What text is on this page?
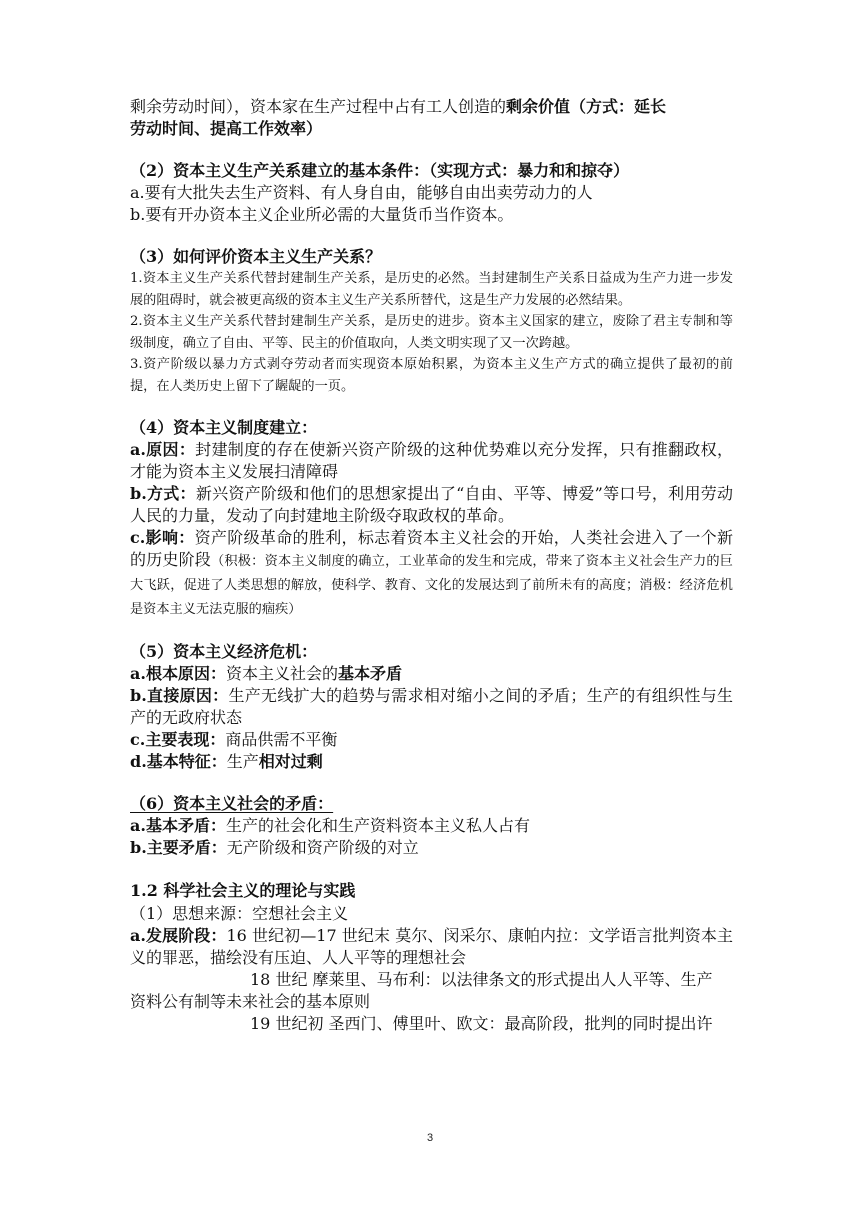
剩余劳动时间），资本家在生产过程中占有工人创造的剩余价值（方式：延长
劳动时间、提高工作效率）

（2）资本主义生产关系建立的基本条件：（实现方式：暴力和和掠夺）

a.要有大批失去生产资料、有人身自由，能够自由出卖劳动力的人

b.要有开办资本主义企业所必需的大量货币当作资本。

（3）如何评价资本主义生产关系？

1.资本主义生产关系代替封建制生产关系，是历史的必然。当封建制生产关系日益成为生产力进一步发展的阻碍时，就会被更高级的资本主义生产关系所替代，这是生产力发展的必然结果。

2.资本主义生产关系代替封建制生产关系，是历史的进步。资本主义国家的建立，废除了君主专制和等级制度，确立了自由、平等、民主的价值取向，人类文明实现了又一次跨越。

3.资产阶级以暴力方式剥夺劳动者而实现资本原始积累，为资本主义生产方式的确立提供了最初的前提，在人类历史上留下了龌龊的一页。

（4）资本主义制度建立：

a.原因：封建制度的存在使新兴资产阶级的这种优势难以充分发挥，只有推翻政权，才能为资本主义发展扫清障碍

b.方式：新兴资产阶级和他们的思想家提出了“自由、平等、博爱”等口号，利用劳动人民的力量，发动了向封建地主阶级夺取政权的革命。

c.影响：资产阶级革命的胜利，标志着资本主义社会的开始，人类社会进入了一个新的历史阶段（积极：资本主义制度的确立，工业革命的发生和完成，带来了资本主义社会生产力的巨大飞跃，促进了人类思想的解放，使科学、教育、文化的发展达到了前所未有的高度；消极：经济危机是资本主义无法克服的痼疾）

（5）资本主义经济危机：

a.根本原因：资本主义社会的基本矛盾

b.直接原因：生产无线扩大的趋势与需求相对缩小之间的矛盾；生产的有组织性与生产的无政府状态

c.主要表现：商品供需不平衡

d.基本特征：生产相对过剩

（6）资本主义社会的矛盾：

a.基本矛盾：生产的社会化和生产资料资本主义私人占有

b.主要矛盾：无产阶级和资产阶级的对立

1.2 科学社会主义的理论与实践

（1）思想来源：空想社会主义

a.发展阶段：16 世纪初—17 世纪末 莫尔、闵采尔、康帕内拉：文学语言批判资本主义的罪恶，描绘没有压迫、人人平等的理想社会

18 世纪 摩莱里、马布利：以法律条文的形式提出人人平等、生产

资料公有制等未来社会的基本原则

19 世纪初 圣西门、傅里叶、欧文：最高阶段，批判的同时提出许

3
